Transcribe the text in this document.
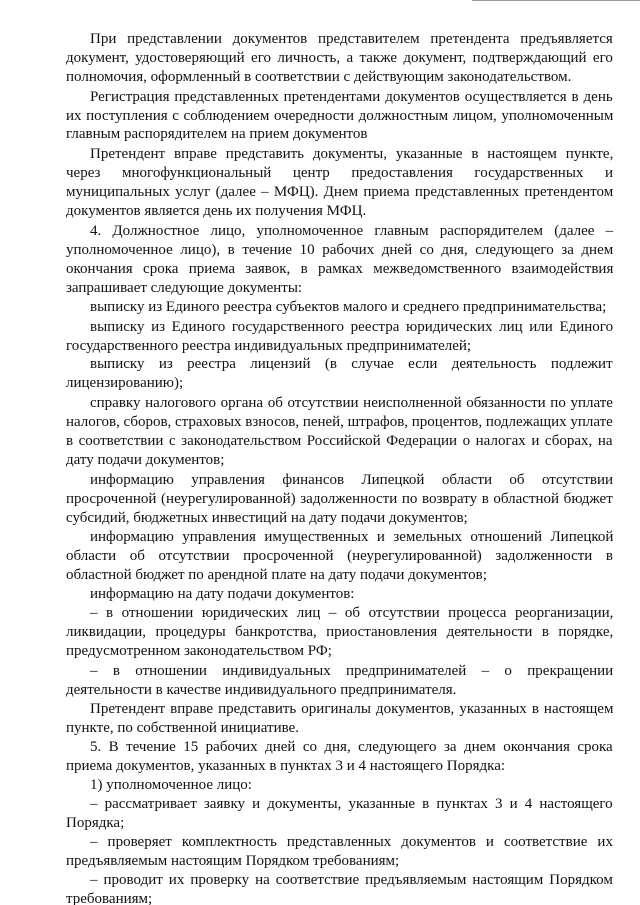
При представлении документов представителем претендента предъявляется
документ, удостоверяющий его личность, а также документ, подтверждающий его
полномочия, оформленный в соответствии с действующим законодательством.
Регистрация представленных претендентами документов осуществляется в день
их поступления с соблюдением очередности должностным лицом, уполномоченным
главным распорядителем на прием документов
Претендент вправе представить документы, указанные в настоящем пункте,
через многофункциональный центр предоставления государственных и
муниципальных услуг (далее – МФЦ). Днем приема представленных претендентом
документов является день их получения МФЦ.
4. Должностное лицо, уполномоченное главным распорядителем (далее –
уполномоченное лицо), в течение 10 рабочих дней со дня, следующего за днем
окончания срока приема заявок, в рамках межведомственного взаимодействия
запрашивает следующие документы:
выписку из Единого реестра субъектов малого и среднего предпринимательства;
выписку из Единого государственного реестра юридических лиц или Единого
государственного реестра индивидуальных предпринимателей;
выписку из реестра лицензий (в случае если деятельность подлежит
лицензированию);
справку налогового органа об отсутствии неисполненной обязанности по уплате
налогов, сборов, страховых взносов, пеней, штрафов, процентов, подлежащих уплате
в соответствии с законодательством Российской Федерации о налогах и сборах, на
дату подачи документов;
информацию управления финансов Липецкой области об отсутствии
просроченной (неурегулированной) задолженности по возврату в областной бюджет
субсидий, бюджетных инвестиций на дату подачи документов;
информацию управления имущественных и земельных отношений Липецкой
области об отсутствии просроченной (неурегулированной) задолженности в
областной бюджет по арендной плате на дату подачи документов;
информацию на дату подачи документов:
– в отношении юридических лиц – об отсутствии процесса реорганизации,
ликвидации, процедуры банкротства, приостановления деятельности в порядке,
предусмотренном законодательством РФ;
– в отношении индивидуальных предпринимателей – о прекращении
деятельности в качестве индивидуального предпринимателя.
Претендент вправе представить оригиналы документов, указанных в настоящем
пункте, по собственной инициативе.
5. В течение 15 рабочих дней со дня, следующего за днем окончания срока
приема документов, указанных в пунктах 3 и 4 настоящего Порядка:
1) уполномоченное лицо:
– рассматривает заявку и документы, указанные в пунктах 3 и 4 настоящего
Порядка;
– проверяет комплектность представленных документов и соответствие их
предъявляемым настоящим Порядком требованиям;
– проводит их проверку на соответствие предъявляемым настоящим Порядком
требованиям;
